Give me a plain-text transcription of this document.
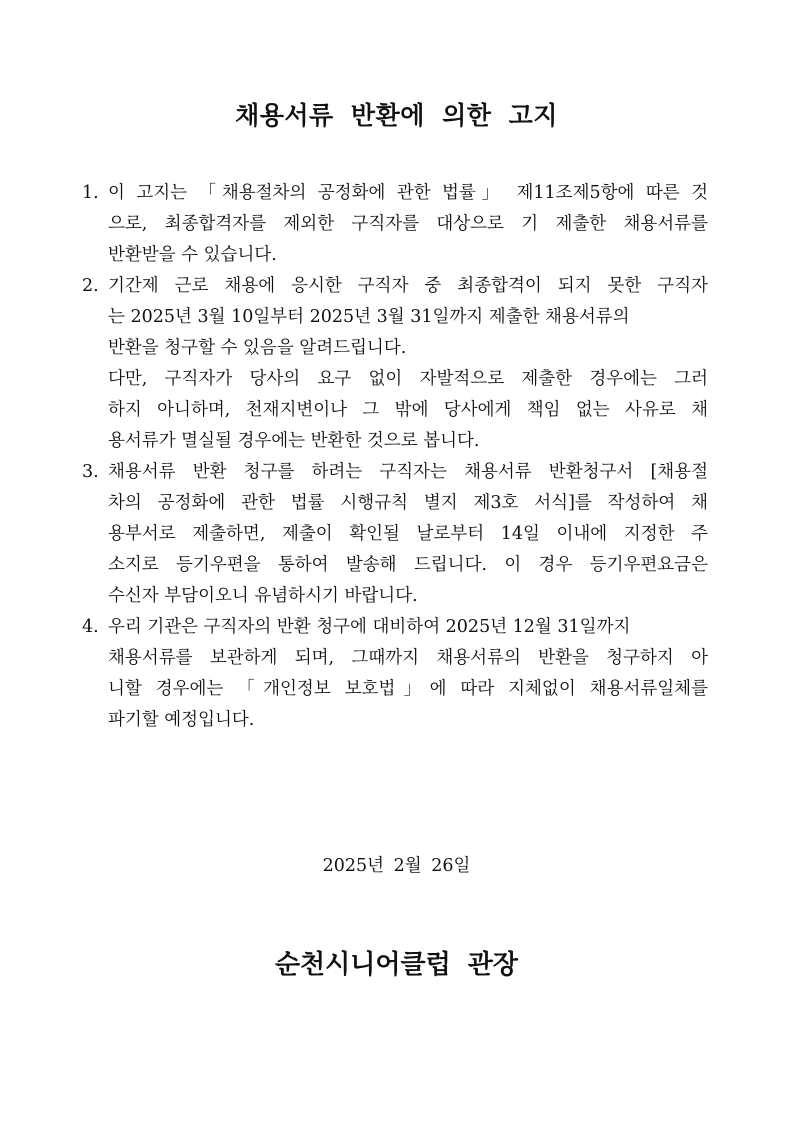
채용서류 반환에 의한 고지
1. 이 고지는 「채용절차의 공정화에 관한 법률」 제11조제5항에 따른 것
으로, 최종합격자를 제외한 구직자를 대상으로 기 제출한 채용서류를
반환받을 수 있습니다.
2. 기간제 근로 채용에 응시한 구직자 중 최종합격이 되지 못한 구직자
는 2025년 3월 10일부터 2025년 3월 31일까지 제출한 채용서류의
반환을 청구할 수 있음을 알려드립니다.
다만, 구직자가 당사의 요구 없이 자발적으로 제출한 경우에는 그러
하지 아니하며, 천재지변이나 그 밖에 당사에게 책임 없는 사유로 채
용서류가 멸실될 경우에는 반환한 것으로 봅니다.
3. 채용서류 반환 청구를 하려는 구직자는 채용서류 반환청구서 [채용절
차의 공정화에 관한 법률 시행규칙 별지 제3호 서식]를 작성하여 채
용부서로 제출하면, 제출이 확인될 날로부터 14일 이내에 지정한 주
소지로 등기우편을 통하여 발송해 드립니다. 이 경우 등기우편요금은
수신자 부담이오니 유념하시기 바랍니다.
4. 우리 기관은 구직자의 반환 청구에 대비하여 2025년 12월 31일까지
채용서류를 보관하게 되며, 그때까지 채용서류의 반환을 청구하지 아
니할 경우에는 「개인정보 보호법」에 따라 지체없이 채용서류일체를
파기할 예정입니다.
2025년 2월 26일
순천시니어클럽 관장
